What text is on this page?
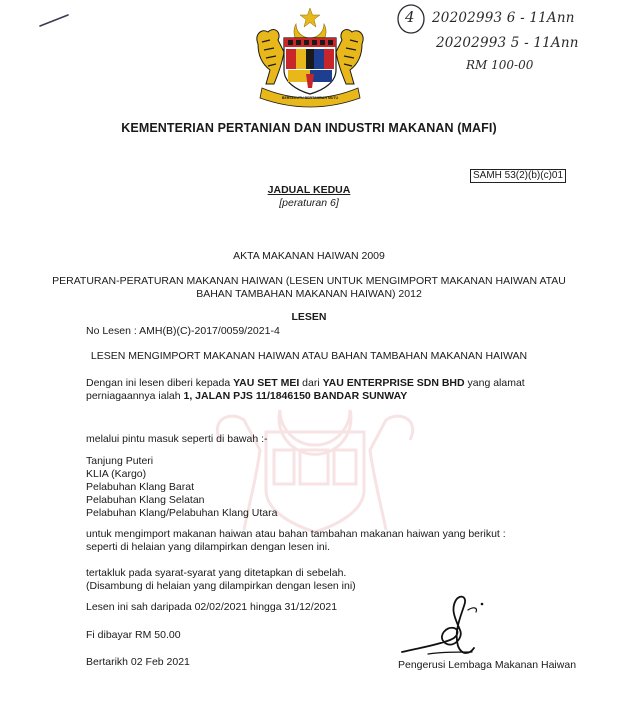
BERSEKUTU BERTAMBAH MUTU
4 20202993 6 - 11Ann
20202993 5 - 11Ann
RM 100-00
KEMENTERIAN PERTANIAN DAN INDUSTRI MAKANAN (MAFI)
SAMH 53(2)(b)(c)01
JADUAL KEDUA
[peraturan 6]
AKTA MAKANAN HAIWAN 2009
PERATURAN-PERATURAN MAKANAN HAIWAN (LESEN UNTUK MENGIMPORT MAKANAN HAIWAN ATAU
BAHAN TAMBAHAN MAKANAN HAIWAN) 2012
LESEN
No Lesen : AMH(B)(C)-2017/0059/2021-4
LESEN MENGIMPORT MAKANAN HAIWAN ATAU BAHAN TAMBAHAN MAKANAN HAIWAN
Dengan ini lesen diberi kepada YAU SET MEI dari YAU ENTERPRISE SDN BHD yang alamat
perniagaannya ialah 1, JALAN PJS 11/1846150 BANDAR SUNWAY
melalui pintu masuk seperti di bawah :-
Tanjung Puteri
KLIA (Kargo)
Pelabuhan Klang Barat
Pelabuhan Klang Selatan
Pelabuhan Klang/Pelabuhan Klang Utara
untuk mengimport makanan haiwan atau bahan tambahan makanan haiwan yang berikut :
seperti di helaian yang dilampirkan dengan lesen ini.
tertakluk pada syarat-syarat yang ditetapkan di sebelah.
(Disambung di helaian yang dilampirkan dengan lesen ini)
Lesen ini sah daripada 02/02/2021 hingga 31/12/2021
Fi dibayar RM 50.00
Bertarikh 02 Feb 2021	Pengerusi Lembaga Makanan Haiwan
